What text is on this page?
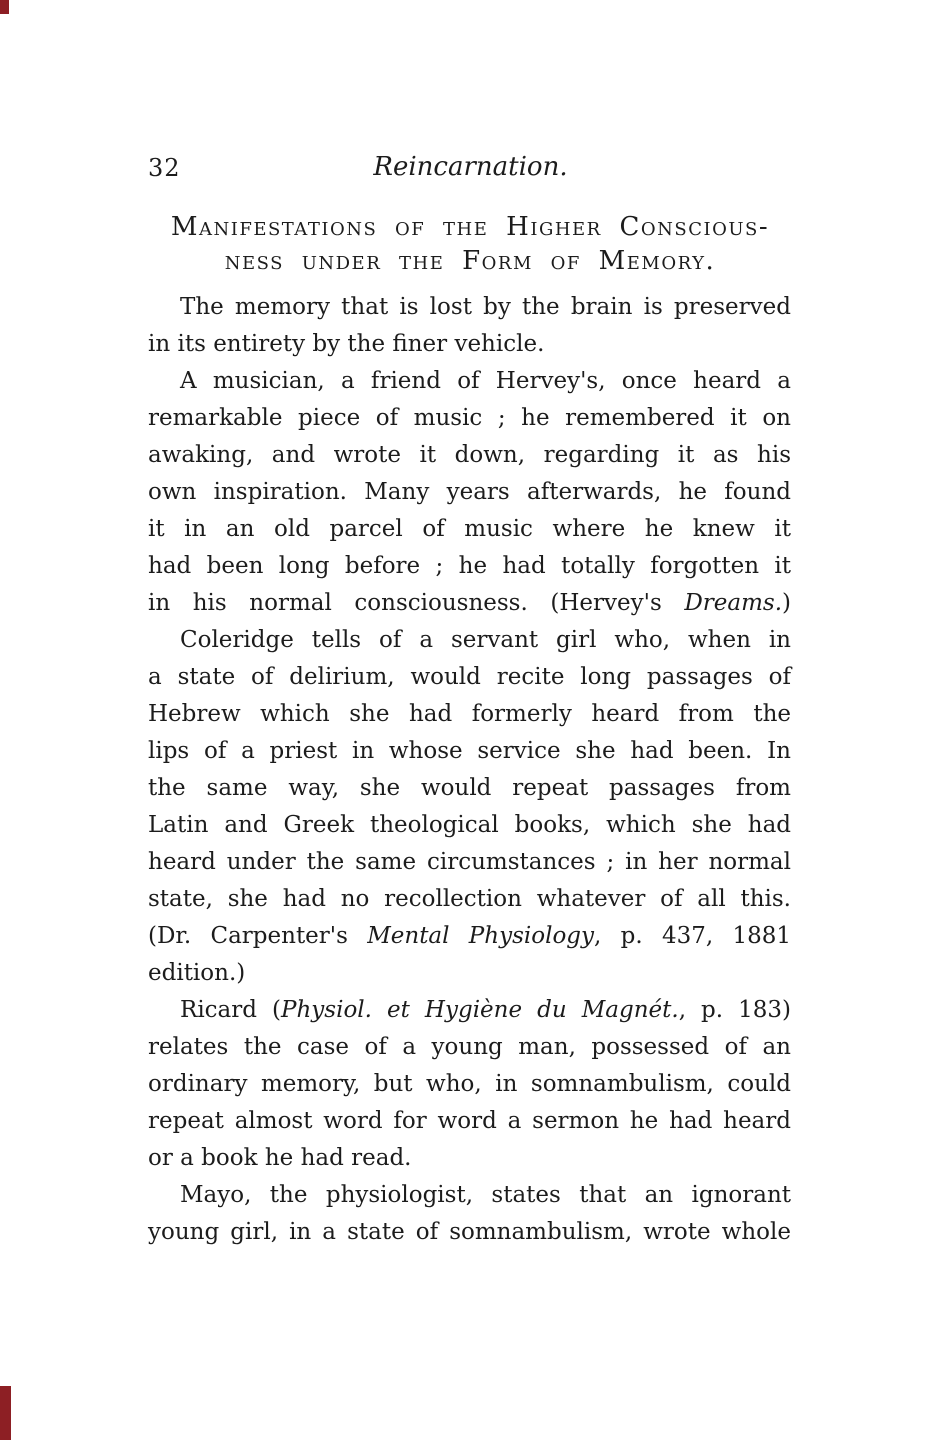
32	Reincarnation.
Manifestations of the Higher Conscious-
ness under the Form of Memory.
The memory that is lost by the brain is preserved
in its entirety by the finer vehicle.
A musician, a friend of Hervey's, once heard a
remarkable piece of music ; he remembered it on
awaking, and wrote it down, regarding it as his
own inspiration. Many years afterwards, he found
it in an old parcel of music where he knew it
had been long before ; he had totally forgotten it
in his normal consciousness. (Hervey's Dreams.)
Coleridge tells of a servant girl who, when in
a state of delirium, would recite long passages of
Hebrew which she had formerly heard from the
lips of a priest in whose service she had been. In
the same way, she would repeat passages from
Latin and Greek theological books, which she had
heard under the same circumstances ; in her normal
state, she had no recollection whatever of all this.
(Dr. Carpenter's Mental Physiology, p. 437, 1881
edition.)
Ricard (Physiol. et Hygiène du Magnét., p. 183)
relates the case of a young man, possessed of an
ordinary memory, but who, in somnambulism, could
repeat almost word for word a sermon he had heard
or a book he had read.
Mayo, the physiologist, states that an ignorant
young girl, in a state of somnambulism, wrote whole
